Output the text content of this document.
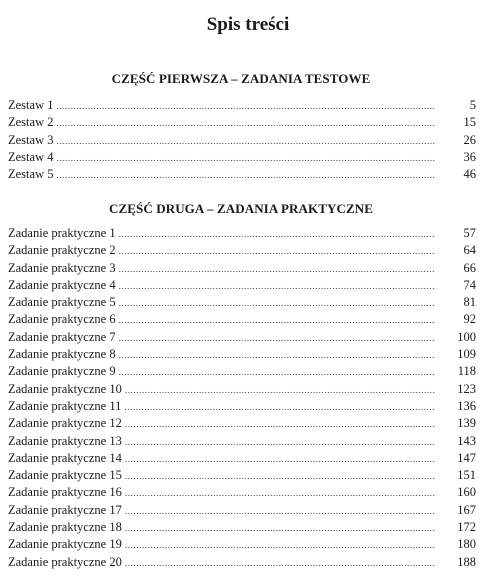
Spis treści
CZĘŚĆ PIERWSZA – ZADANIA TESTOWE
Zestaw 1 .....	5
Zestaw 2 .....	15
Zestaw 3 .....	26
Zestaw 4 .....	36
Zestaw 5 .....	46
CZĘŚĆ DRUGA – ZADANIA PRAKTYCZNE
Zadanie praktyczne 1 .....	57
Zadanie praktyczne 2 .....	64
Zadanie praktyczne 3 .....	66
Zadanie praktyczne 4 .....	74
Zadanie praktyczne 5 .....	81
Zadanie praktyczne 6 .....	92
Zadanie praktyczne 7 .....	100
Zadanie praktyczne 8 .....	109
Zadanie praktyczne 9 .....	118
Zadanie praktyczne 10 .....	123
Zadanie praktyczne 11 .....	136
Zadanie praktyczne 12 .....	139
Zadanie praktyczne 13 .....	143
Zadanie praktyczne 14 .....	147
Zadanie praktyczne 15 .....	151
Zadanie praktyczne 16 .....	160
Zadanie praktyczne 17 .....	167
Zadanie praktyczne 18 .....	172
Zadanie praktyczne 19 .....	180
Zadanie praktyczne 20 .....	188
